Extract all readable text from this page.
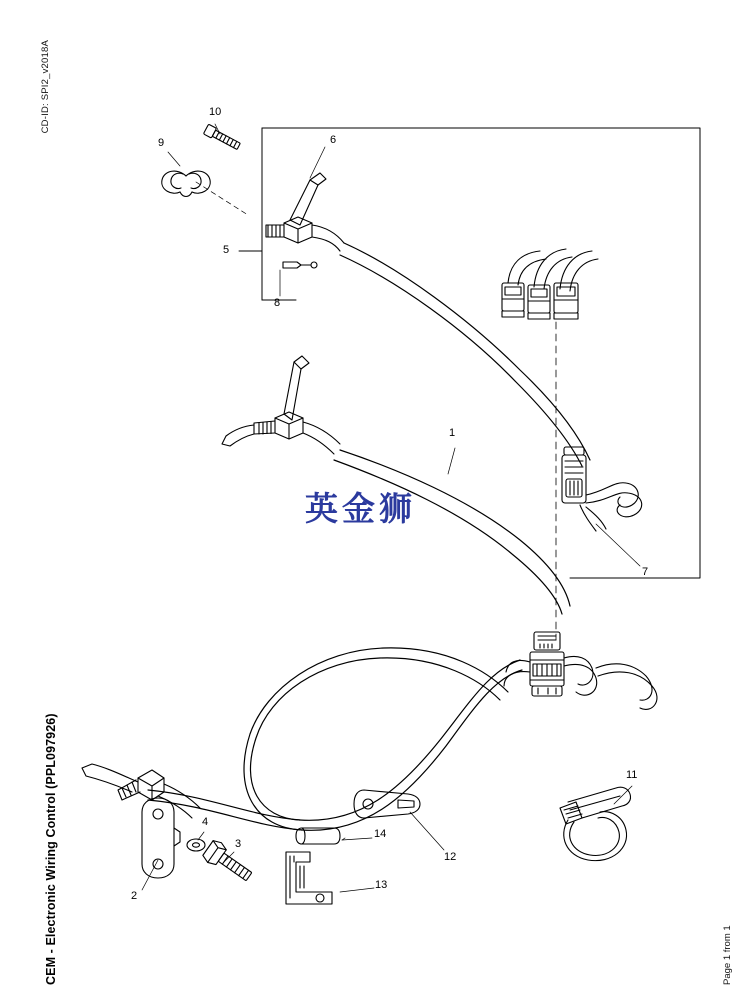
CD-ID: SPI2_v2018A
CEM - Electronic Wiring Control (PPL097926)	Page 1 from 1
1
2
3
4
5
6
7
8
9
10
11
12
13
14
英金狮
